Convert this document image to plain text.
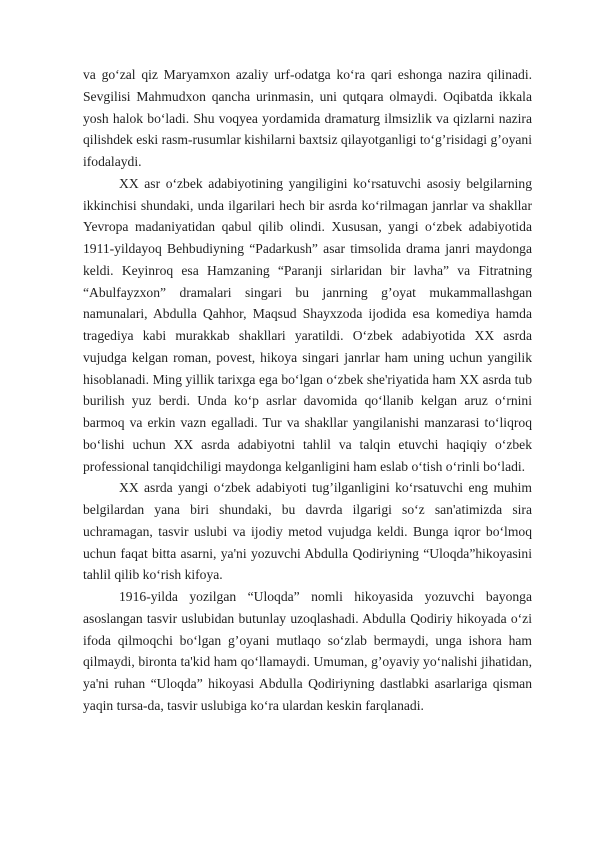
va go‘zal qiz Maryamxon azaliy urf-odatga ko‘ra qari eshonga nazira qilinadi. Sevgilisi Mahmudxon qancha urinmasin, uni qutqara olmaydi. Oqibatda ikkala yosh halok bo‘ladi. Shu voqyea yordamida dramaturg ilmsizlik va qizlarni nazira qilishdek eski rasm-rusumlar kishilarni baxtsiz qilayotganligi to‘g’risidagi g’oyani ifodalaydi.

XX asr o‘zbek adabiyotining yangiligini ko‘rsatuvchi asosiy belgilarning ikkinchisi shundaki, unda ilgarilari hech bir asrda ko‘rilmagan janrlar va shakllar Yevropa madaniyatidan qabul qilib olindi. Xususan, yangi o‘zbek adabiyotida 1911-yildayoq Behbudiyning “Padarkush” asar timsolida drama janri maydonga keldi. Keyinroq esa Hamzaning “Paranji sirlaridan bir lavha” va Fitratning “Abulfayzxon” dramalari singari bu janrning g’oyat mukammallashgan namunalari, Abdulla Qahhor, Maqsud Shayxzoda ijodida esa komediya hamda tragediya kabi murakkab shakllari yaratildi. O‘zbek adabiyotida XX asrda vujudga kelgan roman, povest, hikoya singari janrlar ham uning uchun yangilik hisoblanadi. Ming yillik tarixga ega bo‘lgan o‘zbek she'riyatida ham XX asrda tub burilish yuz berdi. Unda ko‘p asrlar davomida qo‘llanib kelgan aruz o‘rnini barmoq va erkin vazn egalladi. Tur va shakllar yangilanishi manzarasi to‘liqroq bo‘lishi uchun XX asrda adabiyotni tahlil va talqin etuvchi haqiqiy o‘zbek professional tanqidchiligi maydonga kelganligini ham eslab o‘tish o‘rinli bo‘ladi.

XX asrda yangi o‘zbek adabiyoti tug’ilganligini ko‘rsatuvchi eng muhim belgilardan yana biri shundaki, bu davrda ilgarigi so‘z san'atimizda sira uchramagan, tasvir uslubi va ijodiy metod vujudga keldi. Bunga iqror bo‘lmoq uchun faqat bitta asarni, ya'ni yozuvchi Abdulla Qodiriyning “Uloqda”hikoyasini tahlil qilib ko‘rish kifoya.

1916-yilda yozilgan “Uloqda” nomli hikoyasida yozuvchi bayonga asoslangan tasvir uslubidan butunlay uzoqlashadi. Abdulla Qodiriy hikoyada o‘zi ifoda qilmoqchi bo‘lgan g’oyani mutlaqo so‘zlab bermaydi, unga ishora ham qilmaydi, bironta ta'kid ham qo‘llamaydi. Umuman, g’oyaviy yo‘nalishi jihatidan, ya'ni ruhan “Uloqda” hikoyasi Abdulla Qodiriyning dastlabki asarlariga qisman yaqin tursa-da, tasvir uslubiga ko‘ra ulardan keskin farqlanadi.
